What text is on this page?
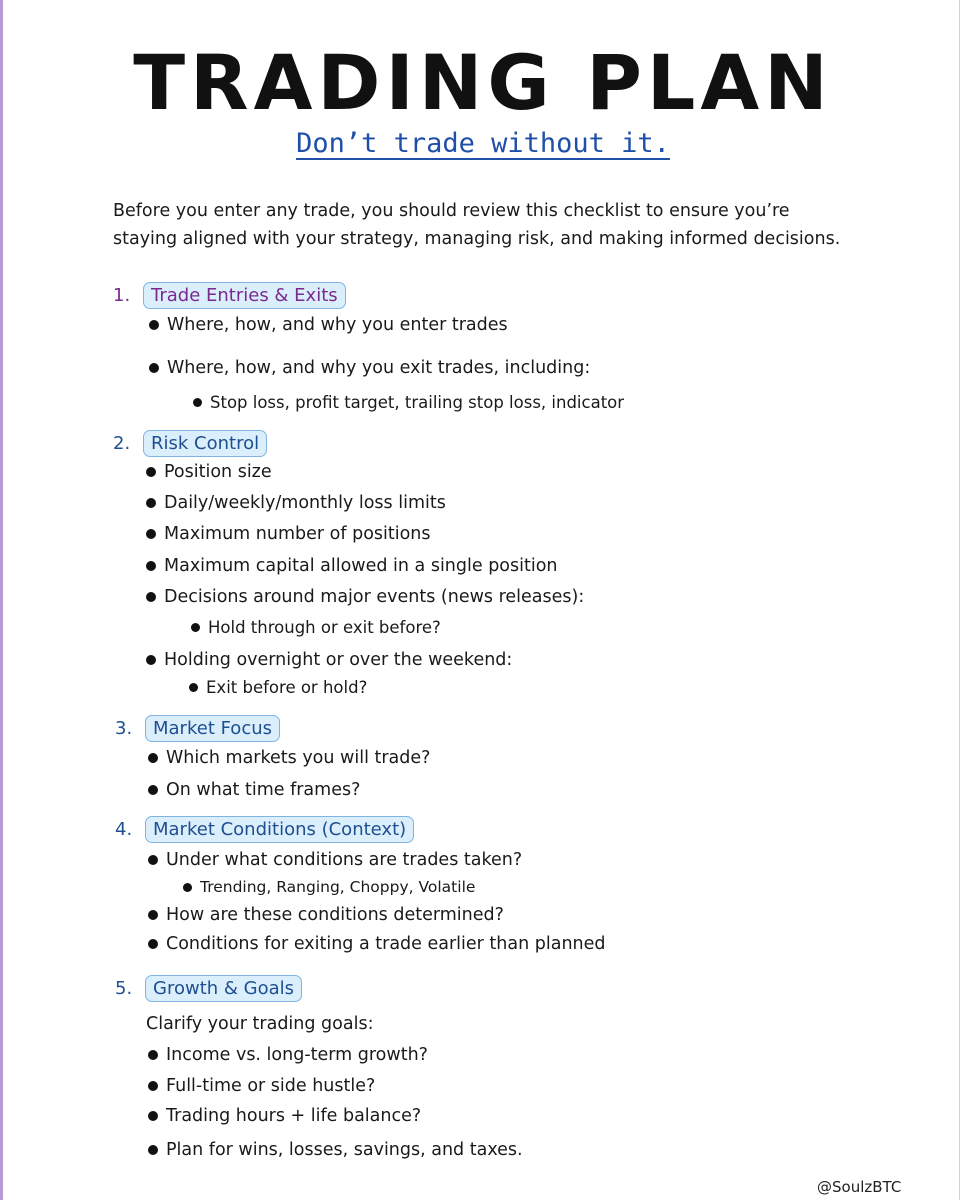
TRADING PLAN
Don’t trade without it.
Before you enter any trade, you should review this checklist to ensure you’re
staying aligned with your strategy, managing risk, and making informed decisions.
1.	Trade Entries & Exits
Where, how, and why you enter trades
Where, how, and why you exit trades, including:
Stop loss, profit target, trailing stop loss, indicator
2.	Risk Control
Position size
Daily/weekly/monthly loss limits
Maximum number of positions
Maximum capital allowed in a single position
Decisions around major events (news releases):
Hold through or exit before?
Holding overnight or over the weekend:
Exit before or hold?
3.	Market Focus
Which markets you will trade?
On what time frames?
4.	Market Conditions (Context)
Under what conditions are trades taken?
Trending, Ranging, Choppy, Volatile
How are these conditions determined?
Conditions for exiting a trade earlier than planned
5.	Growth & Goals
Clarify your trading goals:
Income vs. long-term growth?
Full-time or side hustle?
Trading hours + life balance?
Plan for wins, losses, savings, and taxes.
@SoulzBTC
